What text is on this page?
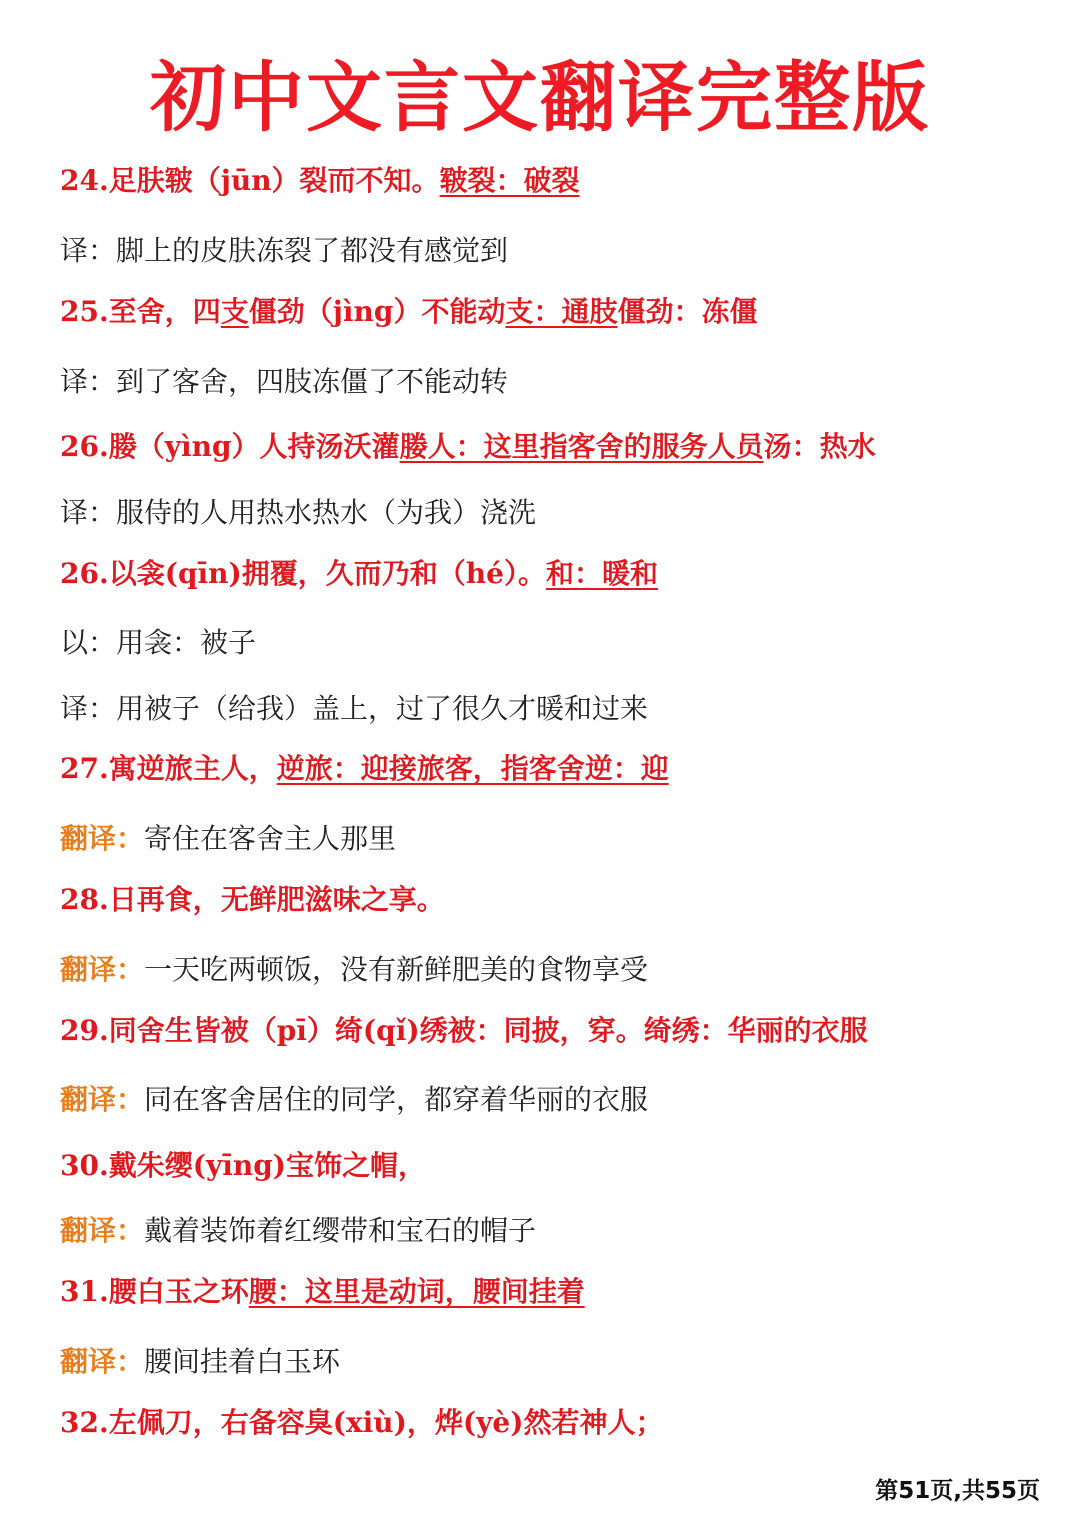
初中文言文翻译完整版
24.足肤皲（jūn）裂而不知。皲裂：破裂
译：脚上的皮肤冻裂了都没有感觉到
25.至舍，四支僵劲（jìng）不能动支：通肢僵劲：冻僵
译：到了客舍，四肢冻僵了不能动转
26.媵（yìng）人持汤沃灌媵人：这里指客舍的服务人员汤：热水
译：服侍的人用热水热水（为我）浇洗
26.以衾(qīn)拥覆，久而乃和（hé）。和：暖和
以：用衾：被子
译：用被子（给我）盖上，过了很久才暖和过来
27.寓逆旅主人，逆旅：迎接旅客，指客舍逆：迎
翻译：寄住在客舍主人那里
28.日再食，无鲜肥滋味之享。
翻译：一天吃两顿饭，没有新鲜肥美的食物享受
29.同舍生皆被（pī）绮(qǐ)绣被：同披，穿。绮绣：华丽的衣服
翻译：同在客舍居住的同学，都穿着华丽的衣服
30.戴朱缨(yīng)宝饰之帽，
翻译：戴着装饰着红缨带和宝石的帽子
31.腰白玉之环腰：这里是动词，腰间挂着
翻译：腰间挂着白玉环
32.左佩刀，右备容臭(xiù)，烨(yè)然若神人；
第51页,共55页
